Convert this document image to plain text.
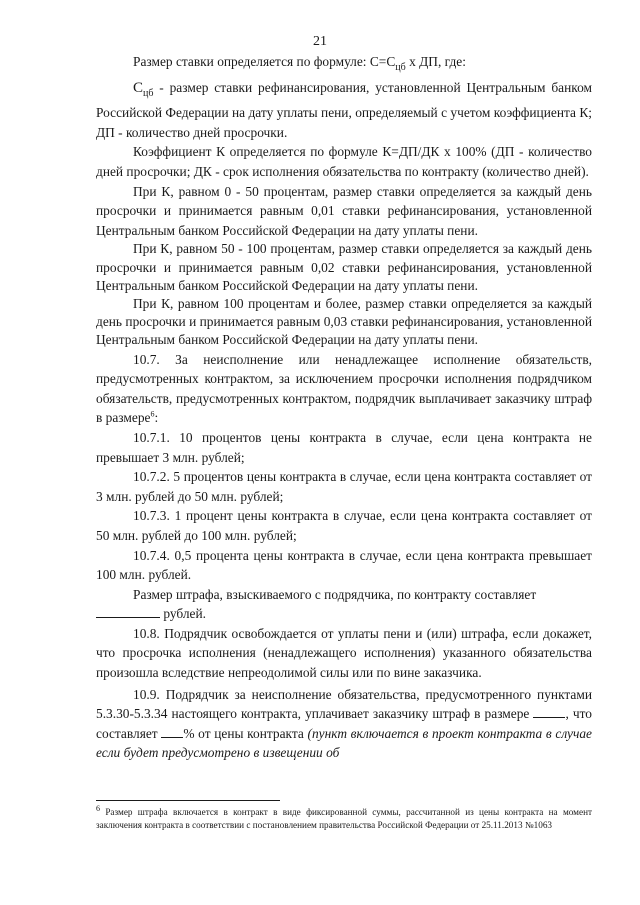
21

Размер ставки определяется по формуле: $С=С_{цб}$ х ДП, где:

$С_{цб}$ - размер ставки рефинансирования, установленной Центральным банком Российской Федерации на дату уплаты пени, определяемый с учетом коэффициента К; ДП - количество дней просрочки.

Коэффициент К определяется по формуле К=ДП/ДК х 100% (ДП - количество дней просрочки; ДК - срок исполнения обязательства по контракту (количество дней).

При К, равном 0 - 50 процентам, размер ставки определяется за каждый день просрочки и принимается равным 0,01 ставки рефинансирования, установленной Центральным банком Российской Федерации на дату уплаты пени.

При К, равном 50 - 100 процентам, размер ставки определяется за каждый день просрочки и принимается равным 0,02 ставки рефинансирования, установленной Центральным банком Российской Федерации на дату уплаты пени.

При К, равном 100 процентам и более, размер ставки определяется за каждый день просрочки и принимается равным 0,03 ставки рефинансирования, установленной Центральным банком Российской Федерации на дату уплаты пени.

10.7. За неисполнение или ненадлежащее исполнение обязательств, предусмотренных контрактом, за исключением просрочки исполнения подрядчиком обязательств, предусмотренных контрактом, подрядчик выплачивает заказчику штраф в размере$^6$:

10.7.1. 10 процентов цены контракта в случае, если цена контракта не превышает 3 млн. рублей;

10.7.2. 5 процентов цены контракта в случае, если цена контракта составляет от 3 млн. рублей до 50 млн. рублей;

10.7.3. 1 процент цены контракта в случае, если цена контракта составляет от 50 млн. рублей до 100 млн. рублей;

10.7.4. 0,5 процента цены контракта в случае, если цена контракта превышает 100 млн. рублей.

Размер штрафа, взыскиваемого с подрядчика, по контракту составляет
рублей.

10.8. Подрядчик освобождается от уплаты пени и (или) штрафа, если докажет, что просрочка исполнения (ненадлежащего исполнения) указанного обязательства произошла вследствие непреодолимой силы или по вине заказчика.

10.9. Подрядчик за неисполнение обязательства, предусмотренного пунктами 5.3.30-5.3.34 настоящего контракта, уплачивает заказчику штраф в размере , что составляет % от цены контракта (пункт включается в проект контракта в случае если будет предусмотрено в извещении об

$^6$ Размер штрафа включается в контракт в виде фиксированной суммы, рассчитанной из цены контракта на момент заключения контракта в соответствии с постановлением правительства Российской Федерации от 25.11.2013 №1063
